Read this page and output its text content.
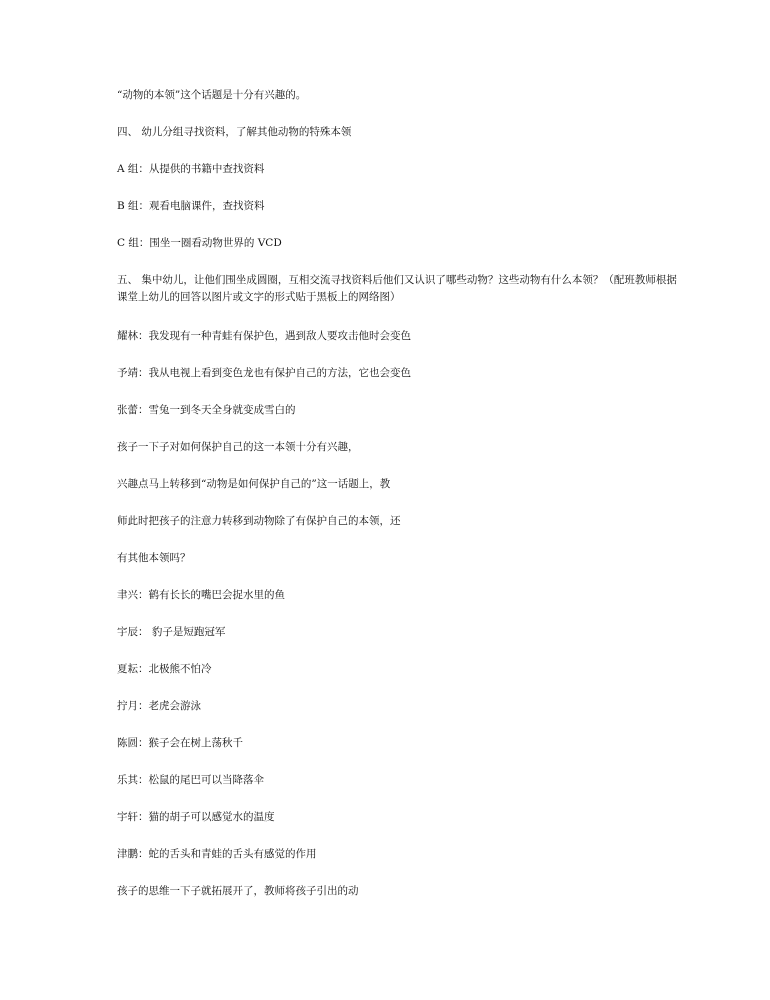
“动物的本领”这个话题是十分有兴趣的。
四、 幼儿分组寻找资料，了解其他动物的特殊本领
A 组：从提供的书籍中查找资料
B 组：观看电脑课件，查找资料
C 组：围坐一圈看动物世界的 VCD
五、 集中幼儿，让他们围坐成圆圈，互相交流寻找资料后他们又认识了哪些动物？这些动物有什么本领？（配班教师根据课堂上幼儿的回答以图片或文字的形式贴于黑板上的网络图）
耀林：我发现有一种青蛙有保护色，遇到敌人要攻击他时会变色
予靖：我从电视上看到变色龙也有保护自己的方法，它也会变色
张蕾：雪兔一到冬天全身就变成雪白的
孩子一下子对如何保护自己的这一本领十分有兴趣，
兴趣点马上转移到“动物是如何保护自己的”这一话题上，教
师此时把孩子的注意力转移到动物除了有保护自己的本领，还
有其他本领吗？
聿兴：鹤有长长的嘴巴会捉水里的鱼
宇辰： 豹子是短跑冠军
夏耘：北极熊不怕冷
拧月：老虎会游泳
陈圆：猴子会在树上荡秋千
乐其：松鼠的尾巴可以当降落伞
宇轩：猫的胡子可以感觉水的温度
津鹏：蛇的舌头和青蛙的舌头有感觉的作用
孩子的思维一下子就拓展开了，教师将孩子引出的动
